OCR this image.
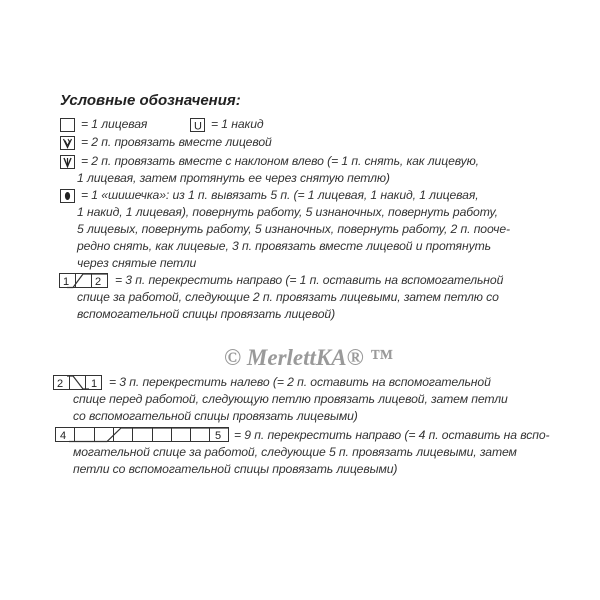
Условные обозначения:
= 1 лицевая	U = 1 накид
= 2 п. провязать вместе лицевой
= 2 п. провязать вместе с наклоном влево (= 1 п. снять, как лицевую,
1 лицевая, затем протянуть ее через снятую петлю)
= 1 «шишечка»: из 1 п. вывязать 5 п. (= 1 лицевая, 1 накид, 1 лицевая,
1 накид, 1 лицевая), повернуть работу, 5 изнаночных, повернуть работу,
5 лицевых, повернуть работу, 5 изнаночных, повернуть работу, 2 п. пооче-
редно снять, как лицевые, 3 п. провязать вместе лицевой и протянуть
через снятые петли
1 2 = 3 п. перекрестить направо (= 1 п. оставить на вспомогательной
спице за работой, следующие 2 п. провязать лицевыми, затем петлю со
вспомогательной спицы провязать лицевой)
© MerlettKA® ™
2	1 = 3 п. перекрестить налево (= 2 п. оставить на вспомогательной
спице перед работой, следующую петлю провязать лицевой, затем петли
со вспомогательной спицы провязать лицевыми)
4	5 = 9 п. перекрестить направо (= 4 п. оставить на вспо-
могательной спице за работой, следующие 5 п. провязать лицевыми, затем
петли со вспомогательной спицы провязать лицевыми)
